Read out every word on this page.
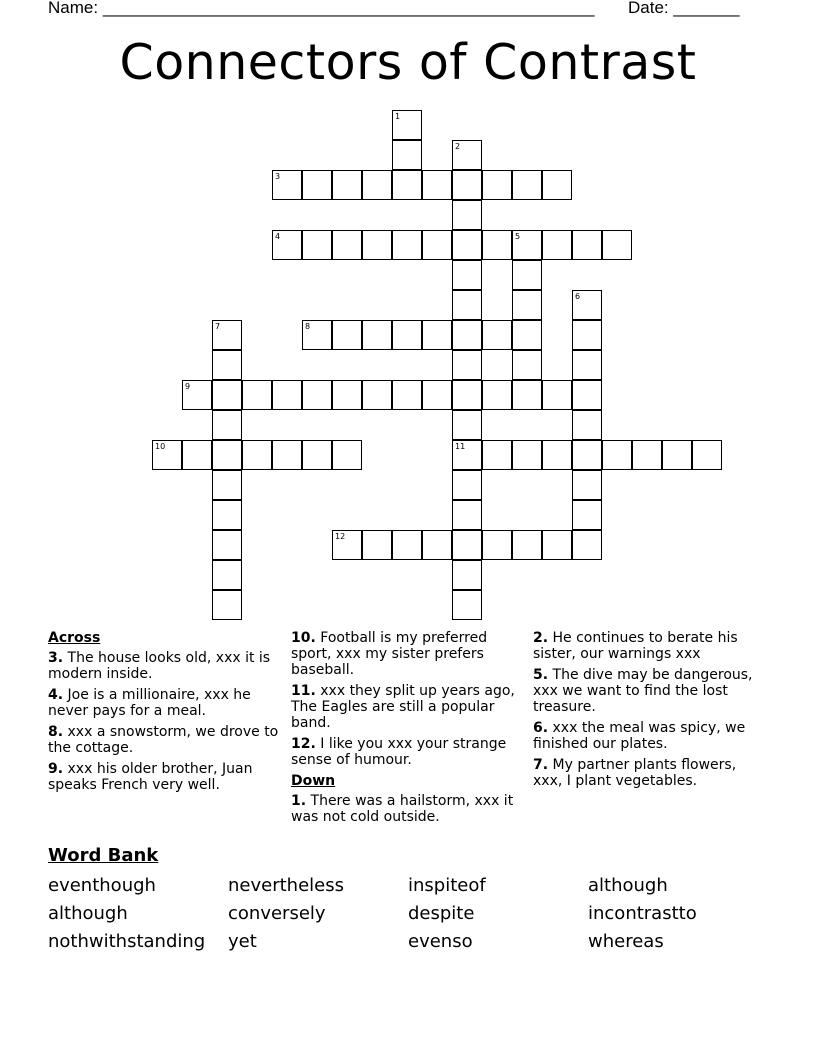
Name: ____________________________________________________ Date: _______
Connectors of Contrast
1
2
11
3
4	5
6
7	8
9
10
12
Across
3. The house looks old, xxx it is modern inside.
4. Joe is a millionaire, xxx he never pays for a meal.
8. xxx a snowstorm, we drove to the cottage.
9. xxx his older brother, Juan speaks French very well.
10. Football is my preferred sport, xxx my sister prefers baseball.
11. xxx they split up years ago, The Eagles are still a popular band.
12. I like you xxx your strange sense of humour.
Down
1. There was a hailstorm, xxx it was not cold outside.
2. He continues to berate his sister, our warnings xxx
5. The dive may be dangerous, xxx we want to find the lost treasure.
6. xxx the meal was spicy, we finished our plates.
7. My partner plants flowers, xxx, I plant vegetables.
Word Bank
eventhough	nevertheless	inspiteof	although
although	conversely	despite	incontrastto
nothwithstanding yet	evenso	whereas
